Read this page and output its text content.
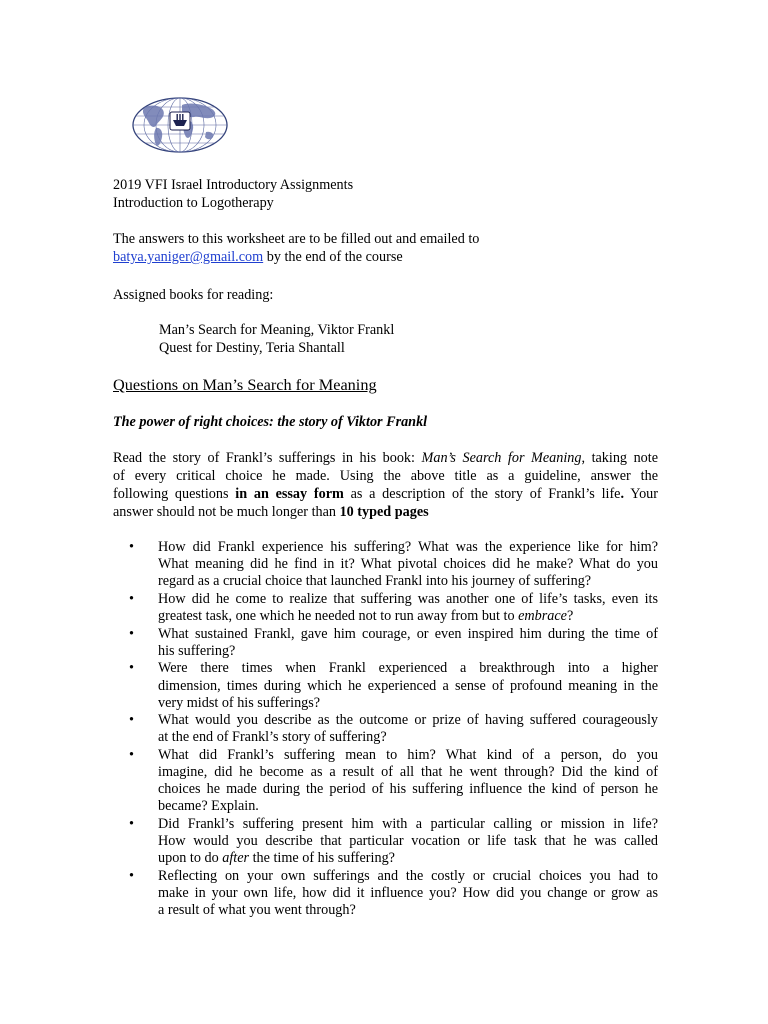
2019 VFI Israel Introductory Assignments
Introduction to Logotherapy
The answers to this worksheet are to be filled out and emailed to
batya.yaniger@gmail.com by the end of the course
Assigned books for reading:
Man’s Search for Meaning, Viktor Frankl
Quest for Destiny, Teria Shantall
Questions on Man’s Search for Meaning
The power of right choices: the story of Viktor Frankl
Read the story of Frankl’s sufferings in his book: Man’s Search for Meaning, taking note
of every critical choice he made. Using the above title as a guideline, answer the
following questions in an essay form as a description of the story of Frankl’s life. Your
answer should not be much longer than 10 typed pages
• How did Frankl experience his suffering? What was the experience like for him?
What meaning did he find in it? What pivotal choices did he make? What do you
regard as a crucial choice that launched Frankl into his journey of suffering?
• How did he come to realize that suffering was another one of life’s tasks, even its
greatest task, one which he needed not to run away from but to embrace?
• What sustained Frankl, gave him courage, or even inspired him during the time of
his suffering?
• Were there times when Frankl experienced a breakthrough into a higher
dimension, times during which he experienced a sense of profound meaning in the
very midst of his sufferings?
• What would you describe as the outcome or prize of having suffered courageously
at the end of Frankl’s story of suffering?
• What did Frankl’s suffering mean to him? What kind of a person, do you
imagine, did he become as a result of all that he went through? Did the kind of
choices he made during the period of his suffering influence the kind of person he
became? Explain.
• Did Frankl’s suffering present him with a particular calling or mission in life?
How would you describe that particular vocation or life task that he was called
upon to do after the time of his suffering?
• Reflecting on your own sufferings and the costly or crucial choices you had to
make in your own life, how did it influence you? How did you change or grow as
a result of what you went through?
